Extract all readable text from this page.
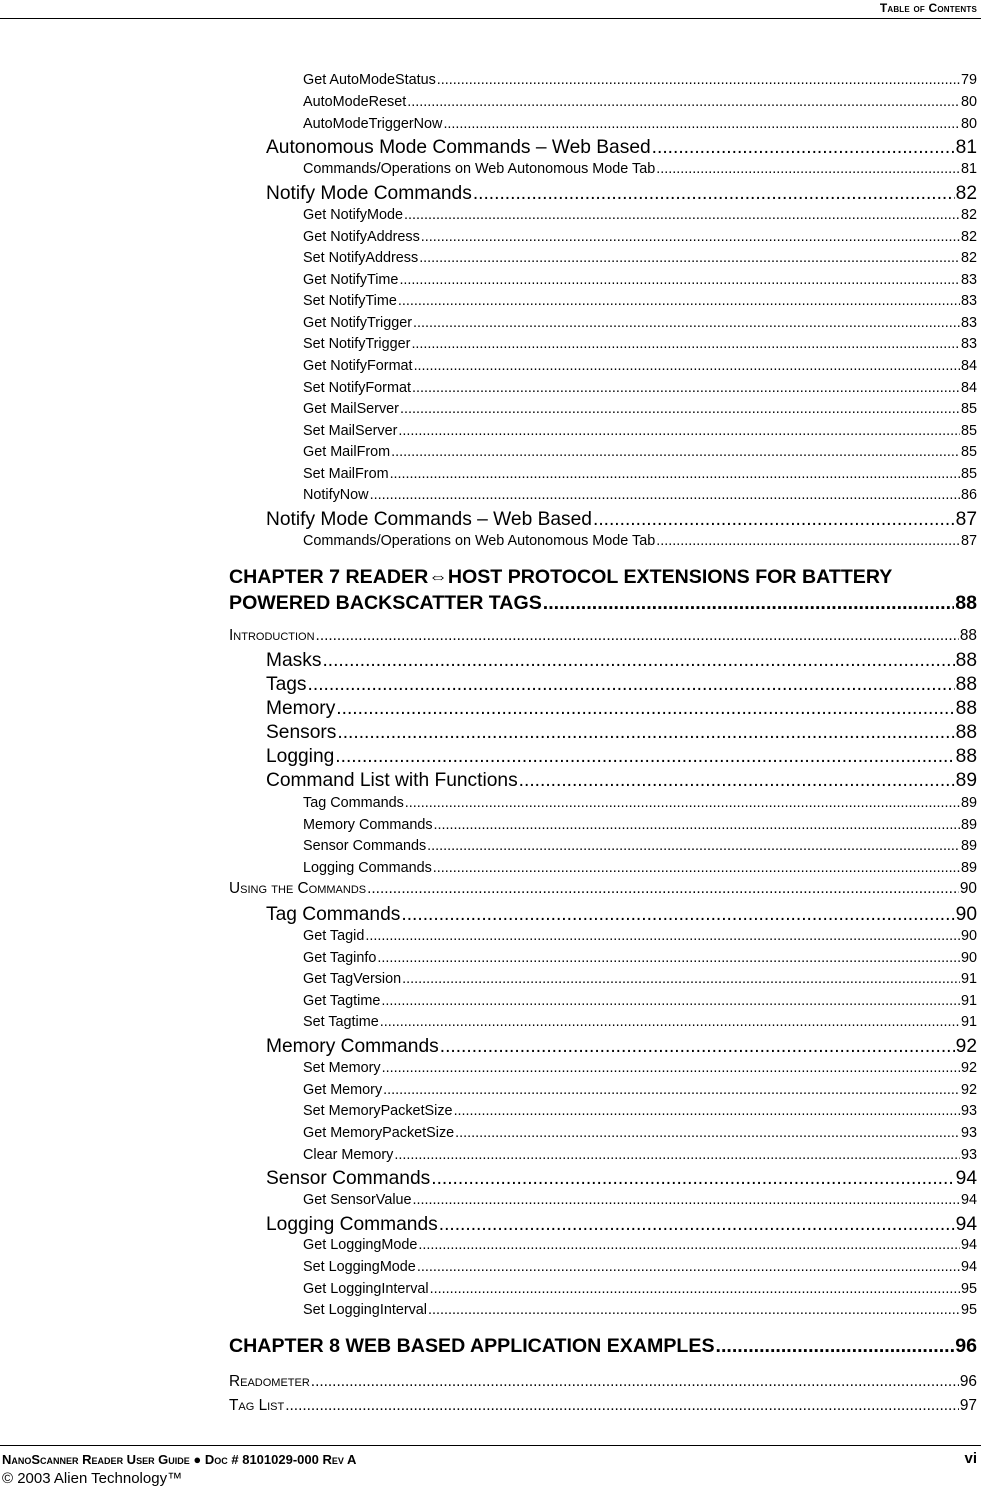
Table of Contents
Get AutoModeStatus .....	79
AutoModeReset .....	80
AutoModeTriggerNow .....	80
Autonomous Mode Commands – Web Based .....	81
Commands/Operations on Web Autonomous Mode Tab .....	81
Notify Mode Commands .....	82
Get NotifyMode .....	82
Get NotifyAddress .....	82
Set NotifyAddress .....	82
Get NotifyTime .....	83
Set NotifyTime .....	83
Get NotifyTrigger .....	83
Set NotifyTrigger .....	83
Get NotifyFormat .....	84
Set NotifyFormat .....	84
Get MailServer .....	85
Set MailServer .....	85
Get MailFrom .....	85
Set MailFrom .....	85
NotifyNow .....	86
Notify Mode Commands – Web Based .....	87
Commands/Operations on Web Autonomous Mode Tab .....	87
CHAPTER 7 READER⇔HOST PROTOCOL EXTENSIONS FOR BATTERY
POWERED BACKSCATTER TAGS .....	88
Introduction .....	88
Masks .....	88
Tags .....	88
Memory .....	88
Sensors .....	88
Logging .....	88
Command List with Functions .....	89
Tag Commands .....	89
Memory Commands .....	89
Sensor Commands .....	89
Logging Commands .....	89
Using the Commands .....	90
Tag Commands .....	90
Get Tagid .....	90
Get Taginfo .....	90
Get TagVersion .....	91
Get Tagtime .....	91
Set Tagtime .....	91
Memory Commands .....	92
Set Memory .....	92
Get Memory .....	92
Set MemoryPacketSize .....	93
Get MemoryPacketSize .....	93
Clear Memory .....	93
Sensor Commands .....	94
Get SensorValue .....	94
Logging Commands .....	94
Get LoggingMode .....	94
Set LoggingMode .....	94
Get LoggingInterval .....	95
Set LoggingInterval .....	95
CHAPTER 8 WEB BASED APPLICATION EXAMPLES .....	96
Readometer .....	96
Tag List .....	97
NanoScanner Reader User Guide ● Doc # 8101029-000 Rev A	vi
© 2003 Alien Technology™
